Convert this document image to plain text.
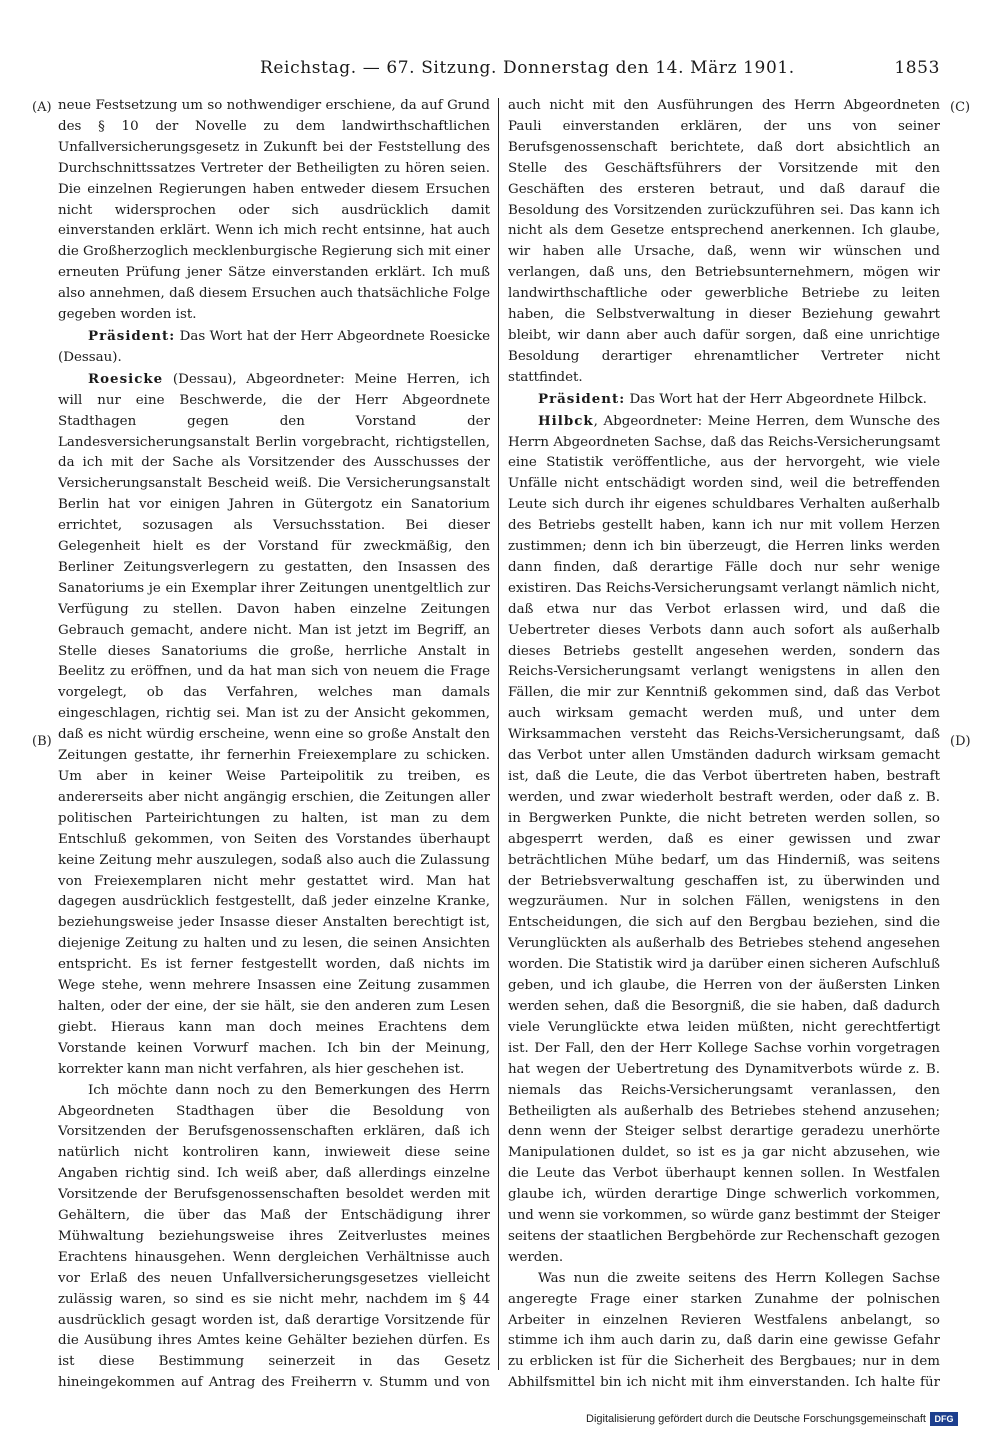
Reichstag. — 67. Sitzung. Donnerstag den 14. März 1901.	1853
(A)
(B)
(C)
(D)

neue Festsetzung um so nothwendiger erschiene, da auf Grund des § 10 der Novelle zu dem landwirthschaftlichen Unfallversicherungsgesetz in Zukunft bei der Feststellung des Durchschnittssatzes Vertreter der Betheiligten zu hören seien. Die einzelnen Regierungen haben entweder diesem Ersuchen nicht widersprochen oder sich ausdrücklich damit einverstanden erklärt. Wenn ich mich recht entsinne, hat auch die Großherzoglich mecklenburgische Regierung sich mit einer erneuten Prüfung jener Sätze einverstanden erklärt. Ich muß also annehmen, daß diesem Ersuchen auch thatsächliche Folge gegeben worden ist.

Präsident: Das Wort hat der Herr Abgeordnete Roesicke (Dessau).

Roesicke (Dessau), Abgeordneter: Meine Herren, ich will nur eine Beschwerde, die der Herr Abgeordnete Stadthagen gegen den Vorstand der Landesversicherungsanstalt Berlin vorgebracht, richtigstellen, da ich mit der Sache als Vorsitzender des Ausschusses der Versicherungsanstalt Bescheid weiß. Die Versicherungsanstalt Berlin hat vor einigen Jahren in Gütergotz ein Sanatorium errichtet, sozusagen als Versuchsstation. Bei dieser Gelegenheit hielt es der Vorstand für zweckmäßig, den Berliner Zeitungsverlegern zu gestatten, den Insassen des Sanatoriums je ein Exemplar ihrer Zeitungen unentgeltlich zur Verfügung zu stellen. Davon haben einzelne Zeitungen Gebrauch gemacht, andere nicht. Man ist jetzt im Begriff, an Stelle dieses Sanatoriums die große, herrliche Anstalt in Beelitz zu eröffnen, und da hat man sich von neuem die Frage vorgelegt, ob das Verfahren, welches man damals eingeschlagen, richtig sei. Man ist zu der Ansicht gekommen, daß es nicht würdig erscheine, wenn eine so große Anstalt den Zeitungen gestatte, ihr fernerhin Freiexemplare zu schicken. Um aber in keiner Weise Parteipolitik zu treiben, es andererseits aber nicht angängig erschien, die Zeitungen aller politischen Parteirichtungen zu halten, ist man zu dem Entschluß gekommen, von Seiten des Vorstandes überhaupt keine Zeitung mehr auszulegen, sodaß also auch die Zulassung von Freiexemplaren nicht mehr gestattet wird. Man hat dagegen ausdrücklich festgestellt, daß jeder einzelne Kranke, beziehungsweise jeder Insasse dieser Anstalten berechtigt ist, diejenige Zeitung zu halten und zu lesen, die seinen Ansichten entspricht. Es ist ferner festgestellt worden, daß nichts im Wege stehe, wenn mehrere Insassen eine Zeitung zusammen halten, oder der eine, der sie hält, sie den anderen zum Lesen giebt. Hieraus kann man doch meines Erachtens dem Vorstande keinen Vorwurf machen. Ich bin der Meinung, korrekter kann man nicht verfahren, als hier geschehen ist.

Ich möchte dann noch zu den Bemerkungen des Herrn Abgeordneten Stadthagen über die Besoldung von Vorsitzenden der Berufsgenossenschaften erklären, daß ich natürlich nicht kontroliren kann, inwieweit diese seine Angaben richtig sind. Ich weiß aber, daß allerdings einzelne Vorsitzende der Berufsgenossenschaften besoldet werden mit Gehältern, die über das Maß der Entschädigung ihrer Mühwaltung beziehungsweise ihres Zeitverlustes meines Erachtens hinausgehen. Wenn dergleichen Verhältnisse auch vor Erlaß des neuen Unfallversicherungsgesetzes vielleicht zulässig waren, so sind es sie nicht mehr, nachdem im § 44 ausdrücklich gesagt worden ist, daß derartige Vorsitzende für die Ausübung ihres Amtes keine Gehälter beziehen dürfen. Es ist diese Bestimmung seinerzeit in das Gesetz hineingekommen auf Antrag des Freiherrn v. Stumm und von

auch nicht mit den Ausführungen des Herrn Abgeordneten Pauli einverstanden erklären, der uns von seiner Berufsgenossenschaft berichtete, daß dort absichtlich an Stelle des Geschäftsführers der Vorsitzende mit den Geschäften des ersteren betraut, und daß darauf die Besoldung des Vorsitzenden zurückzuführen sei. Das kann ich nicht als dem Gesetze entsprechend anerkennen. Ich glaube, wir haben alle Ursache, daß, wenn wir wünschen und verlangen, daß uns, den Betriebsunternehmern, mögen wir landwirthschaftliche oder gewerbliche Betriebe zu leiten haben, die Selbstverwaltung in dieser Beziehung gewahrt bleibt, wir dann aber auch dafür sorgen, daß eine unrichtige Besoldung derartiger ehrenamtlicher Vertreter nicht stattfindet.

Präsident: Das Wort hat der Herr Abgeordnete Hilbck.

Hilbck, Abgeordneter: Meine Herren, dem Wunsche des Herrn Abgeordneten Sachse, daß das Reichs-Versicherungsamt eine Statistik veröffentliche, aus der hervorgeht, wie viele Unfälle nicht entschädigt worden sind, weil die betreffenden Leute sich durch ihr eigenes schuldbares Verhalten außerhalb des Betriebs gestellt haben, kann ich nur mit vollem Herzen zustimmen; denn ich bin überzeugt, die Herren links werden dann finden, daß derartige Fälle doch nur sehr wenige existiren. Das Reichs-Versicherungsamt verlangt nämlich nicht, daß etwa nur das Verbot erlassen wird, und daß die Uebertreter dieses Verbots dann auch sofort als außerhalb dieses Betriebs gestellt angesehen werden, sondern das Reichs-Versicherungsamt verlangt wenigstens in allen den Fällen, die mir zur Kenntniß gekommen sind, daß das Verbot auch wirksam gemacht werden muß, und unter dem Wirksammachen versteht das Reichs-Versicherungsamt, daß das Verbot unter allen Umständen dadurch wirksam gemacht ist, daß die Leute, die das Verbot übertreten haben, bestraft werden, und zwar wiederholt bestraft werden, oder daß z. B. in Bergwerken Punkte, die nicht betreten werden sollen, so abgesperrt werden, daß es einer gewissen und zwar beträchtlichen Mühe bedarf, um das Hinderniß, was seitens der Betriebsverwaltung geschaffen ist, zu überwinden und wegzuräumen. Nur in solchen Fällen, wenigstens in den Entscheidungen, die sich auf den Bergbau beziehen, sind die Verunglückten als außerhalb des Betriebes stehend angesehen worden. Die Statistik wird ja darüber einen sicheren Aufschluß geben, und ich glaube, die Herren von der äußersten Linken werden sehen, daß die Besorgniß, die sie haben, daß dadurch viele Verunglückte etwa leiden müßten, nicht gerechtfertigt ist. Der Fall, den der Herr Kollege Sachse vorhin vorgetragen hat wegen der Uebertretung des Dynamitverbots würde z. B. niemals das Reichs-Versicherungsamt veranlassen, den Betheiligten als außerhalb des Betriebes stehend anzusehen; denn wenn der Steiger selbst derartige geradezu unerhörte Manipulationen duldet, so ist es ja gar nicht abzusehen, wie die Leute das Verbot überhaupt kennen sollen. In Westfalen glaube ich, würden derartige Dinge schwerlich vorkommen, und wenn sie vorkommen, so würde ganz bestimmt der Steiger seitens der staatlichen Bergbehörde zur Rechenschaft gezogen werden.

Was nun die zweite seitens des Herrn Kollegen Sachse angeregte Frage einer starken Zunahme der polnischen Arbeiter in einzelnen Revieren Westfalens anbelangt, so stimme ich ihm auch darin zu, daß darin eine gewisse Gefahr zu erblicken ist für die Sicherheit des Bergbaues; nur in dem Abhilfsmittel bin ich nicht mit ihm einverstanden. Ich halte für

Digitalisierung gefördert durch die Deutsche Forschungsgemeinschaft DFG
